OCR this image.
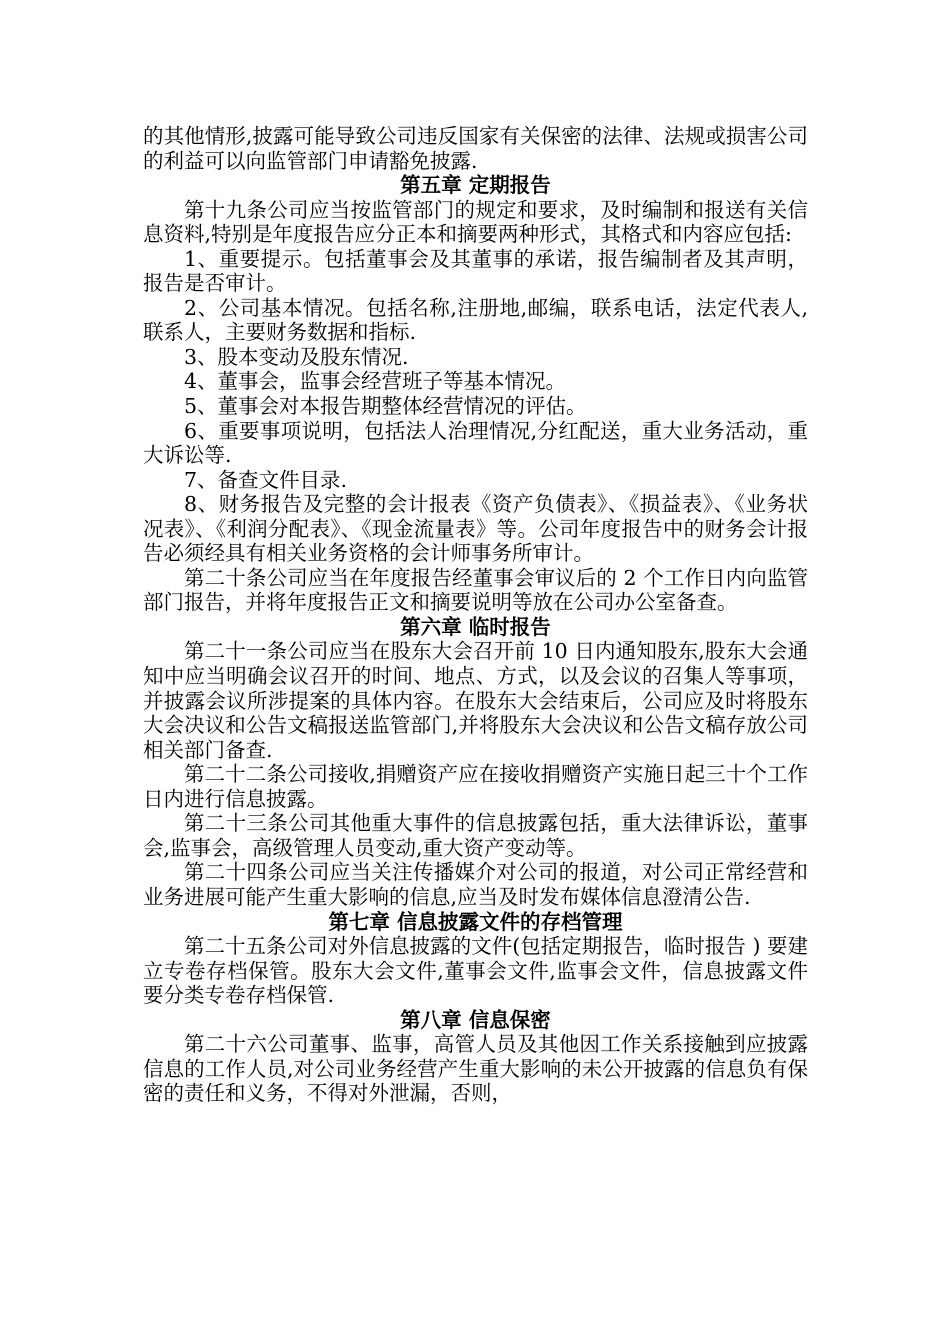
的其他情形,披露可能导致公司违反国家有关保密的法律、法规或损害公司的利益可以向监管部门申请豁免披露.

第五章 定期报告

第十九条公司应当按监管部门的规定和要求，及时编制和报送有关信息资料,特别是年度报告应分正本和摘要两种形式，其格式和内容应包括:

1、重要提示。包括董事会及其董事的承诺，报告编制者及其声明，报告是否审计。

2、公司基本情况。包括名称,注册地,邮编，联系电话，法定代表人,联系人，主要财务数据和指标.

3、股本变动及股东情况.

4、董事会，监事会经营班子等基本情况。

5、董事会对本报告期整体经营情况的评估。

6、重要事项说明，包括法人治理情况,分红配送，重大业务活动，重大诉讼等.

7、备查文件目录.

8、财务报告及完整的会计报表《资产负债表》、《损益表》、《业务状况表》、《利润分配表》、《现金流量表》等。公司年度报告中的财务会计报告必须经具有相关业务资格的会计师事务所审计。

第二十条公司应当在年度报告经董事会审议后的 2 个工作日内向监管部门报告，并将年度报告正文和摘要说明等放在公司办公室备查。

第六章 临时报告

第二十一条公司应当在股东大会召开前 10 日内通知股东,股东大会通知中应当明确会议召开的时间、地点、方式，以及会议的召集人等事项，并披露会议所涉提案的具体内容。在股东大会结束后，公司应及时将股东大会决议和公告文稿报送监管部门,并将股东大会决议和公告文稿存放公司相关部门备查.

第二十二条公司接收,捐赠资产应在接收捐赠资产实施日起三十个工作日内进行信息披露。

第二十三条公司其他重大事件的信息披露包括，重大法律诉讼，董事会,监事会，高级管理人员变动,重大资产变动等。

第二十四条公司应当关注传播媒介对公司的报道，对公司正常经营和业务进展可能产生重大影响的信息,应当及时发布媒体信息澄清公告.

第七章 信息披露文件的存档管理

第二十五条公司对外信息披露的文件(包括定期报告，临时报告 ) 要建立专卷存档保管。股东大会文件,董事会文件,监事会文件，信息披露文件要分类专卷存档保管.

第八章 信息保密

第二十六公司董事、监事，高管人员及其他因工作关系接触到应披露信息的工作人员,对公司业务经营产生重大影响的未公开披露的信息负有保密的责任和义务，不得对外泄漏，否则，
